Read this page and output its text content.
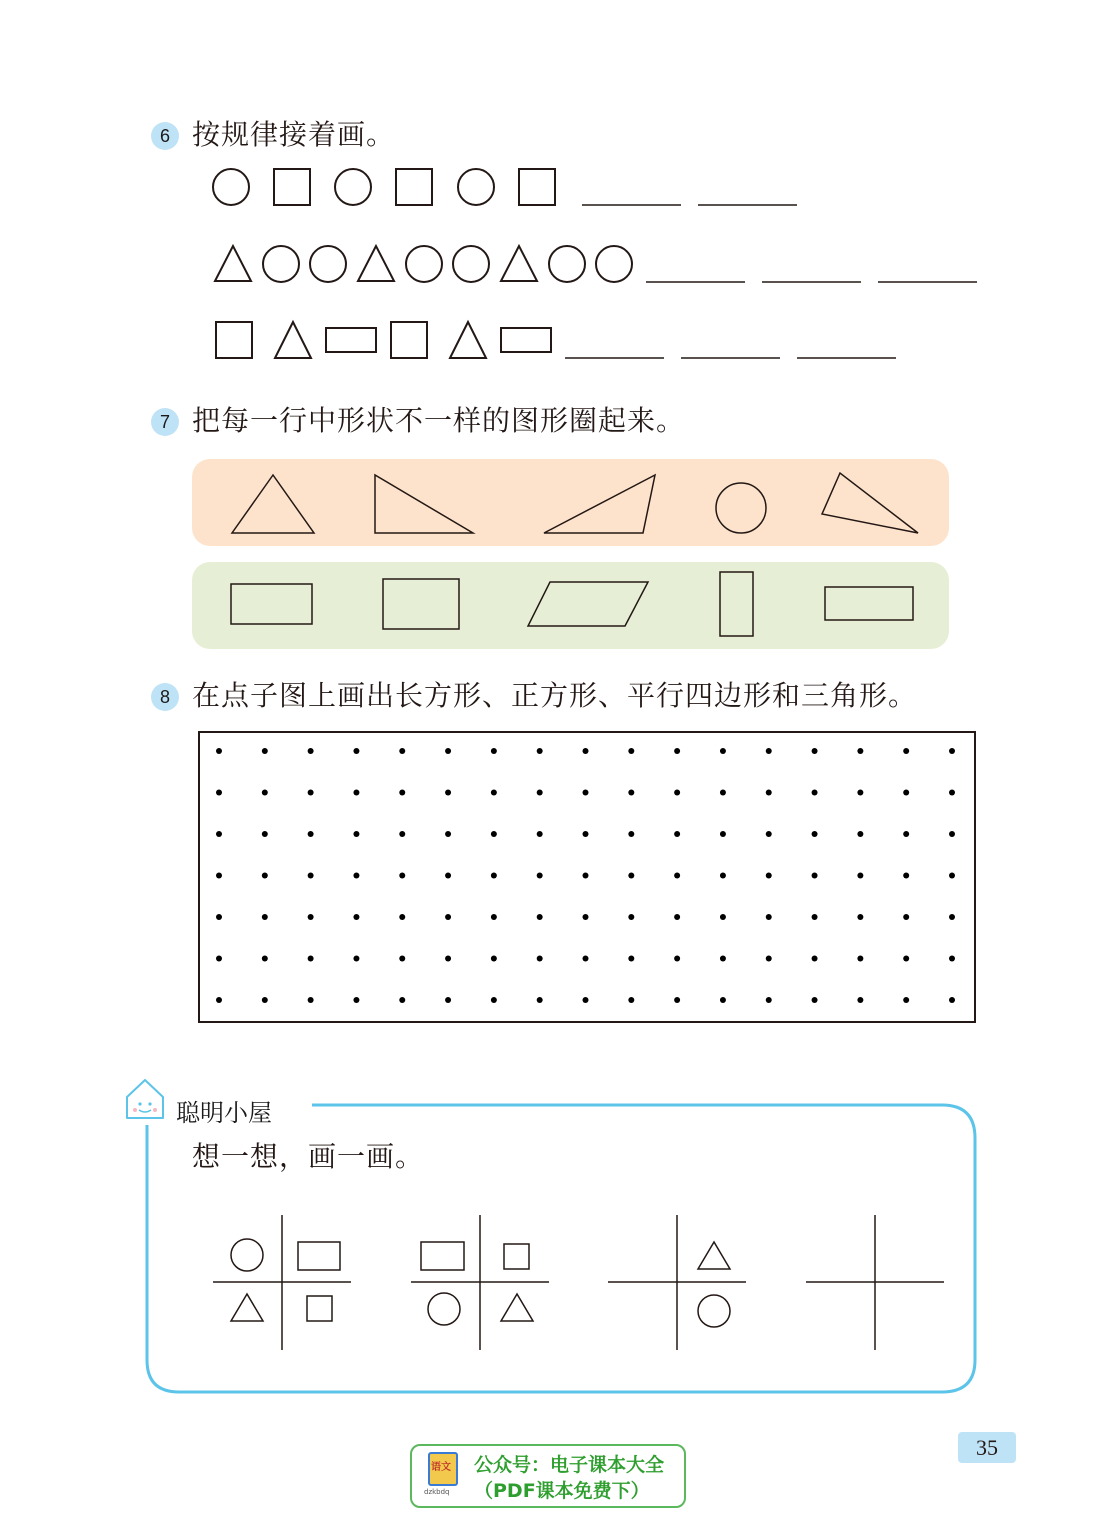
6 按规律接着画。
7 把每一行中形状不一样的图形圈起来。
8 在点子图上画出长方形、正方形、平行四边形和三角形。
聪明小屋
想一想，画一画。
35
语文
dzkbdq
公众号：电子课本大全
（PDF课本免费下）
